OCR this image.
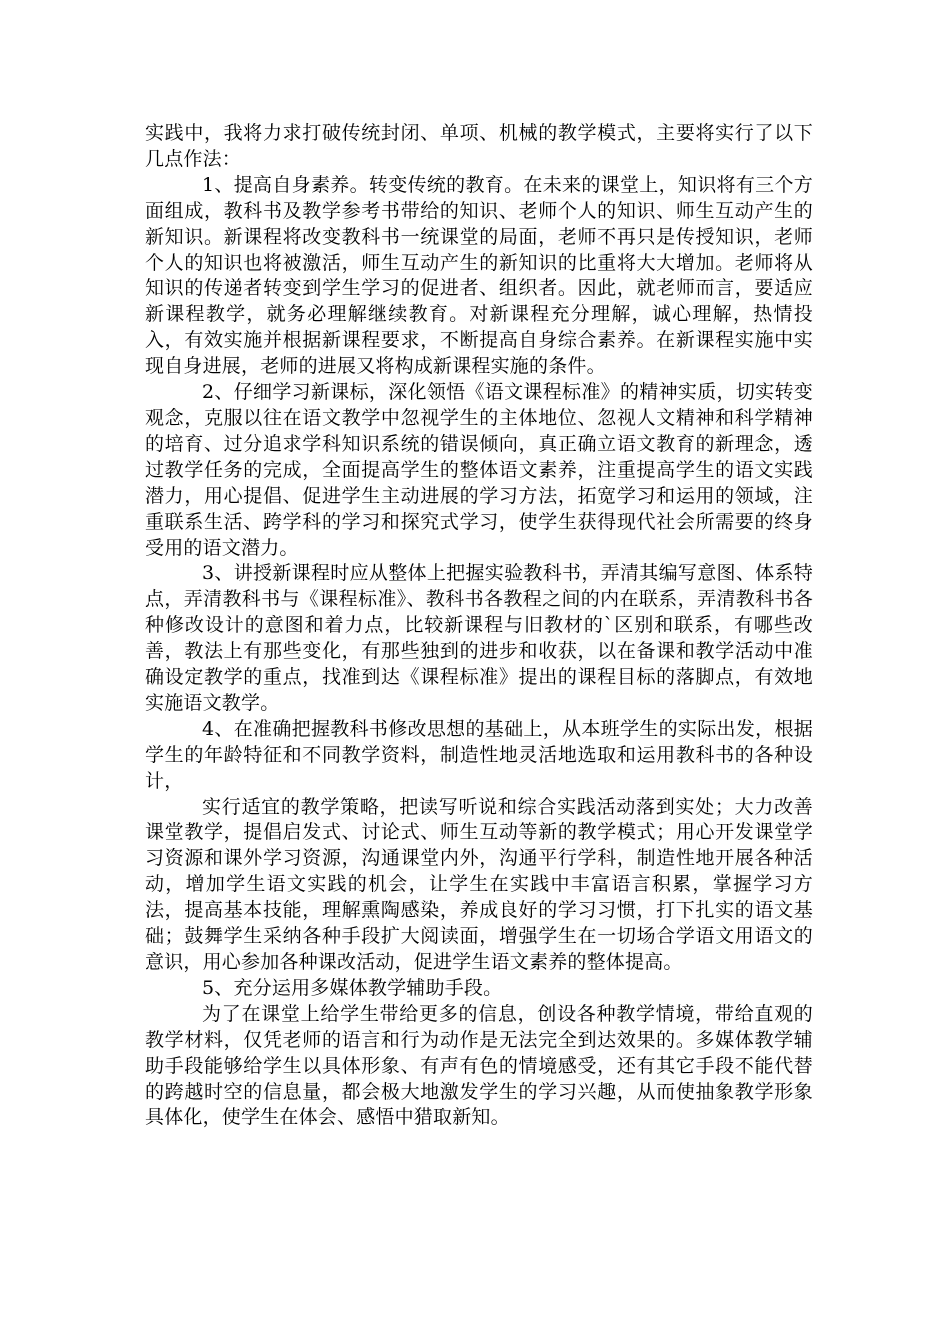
实践中，我将力求打破传统封闭、单项、机械的教学模式，主要将实行了以下几点作法：

1、提高自身素养。转变传统的教育。在未来的课堂上，知识将有三个方面组成，教科书及教学参考书带给的知识、老师个人的知识、师生互动产生的新知识。新课程将改变教科书一统课堂的局面，老师不再只是传授知识，老师个人的知识也将被激活，师生互动产生的新知识的比重将大大增加。老师将从知识的传递者转变到学生学习的促进者、组织者。因此，就老师而言，要适应新课程教学，就务必理解继续教育。对新课程充分理解，诚心理解，热情投入，有效实施并根据新课程要求，不断提高自身综合素养。在新课程实施中实现自身进展，老师的进展又将构成新课程实施的条件。

2、仔细学习新课标，深化领悟《语文课程标准》的精神实质，切实转变观念，克服以往在语文教学中忽视学生的主体地位、忽视人文精神和科学精神的培育、过分追求学科知识系统的错误倾向，真正确立语文教育的新理念，透过教学任务的完成，全面提高学生的整体语文素养，注重提高学生的语文实践潜力，用心提倡、促进学生主动进展的学习方法，拓宽学习和运用的领域，注重联系生活、跨学科的学习和探究式学习，使学生获得现代社会所需要的终身受用的语文潜力。

3、讲授新课程时应从整体上把握实验教科书，弄清其编写意图、体系特点，弄清教科书与《课程标准》、教科书各教程之间的内在联系，弄清教科书各种修改设计的意图和着力点，比较新课程与旧教材的`区别和联系，有哪些改善，教法上有那些变化，有那些独到的进步和收获，以在备课和教学活动中准确设定教学的重点，找准到达《课程标准》提出的课程目标的落脚点，有效地实施语文教学。

4、在准确把握教科书修改思想的基础上，从本班学生的实际出发，根据学生的年龄特征和不同教学资料，制造性地灵活地选取和运用教科书的各种设计，

实行适宜的教学策略，把读写听说和综合实践活动落到实处；大力改善课堂教学，提倡启发式、讨论式、师生互动等新的教学模式；用心开发课堂学习资源和课外学习资源，沟通课堂内外，沟通平行学科，制造性地开展各种活动，增加学生语文实践的机会，让学生在实践中丰富语言积累，掌握学习方法，提高基本技能，理解熏陶感染，养成良好的学习习惯，打下扎实的语文基础；鼓舞学生采纳各种手段扩大阅读面，增强学生在一切场合学语文用语文的意识，用心参加各种课改活动，促进学生语文素养的整体提高。

5、充分运用多媒体教学辅助手段。

为了在课堂上给学生带给更多的信息，创设各种教学情境，带给直观的教学材料，仅凭老师的语言和行为动作是无法完全到达效果的。多媒体教学辅助手段能够给学生以具体形象、有声有色的情境感受，还有其它手段不能代替的跨越时空的信息量，都会极大地激发学生的学习兴趣，从而使抽象教学形象具体化，使学生在体会、感悟中猎取新知。
